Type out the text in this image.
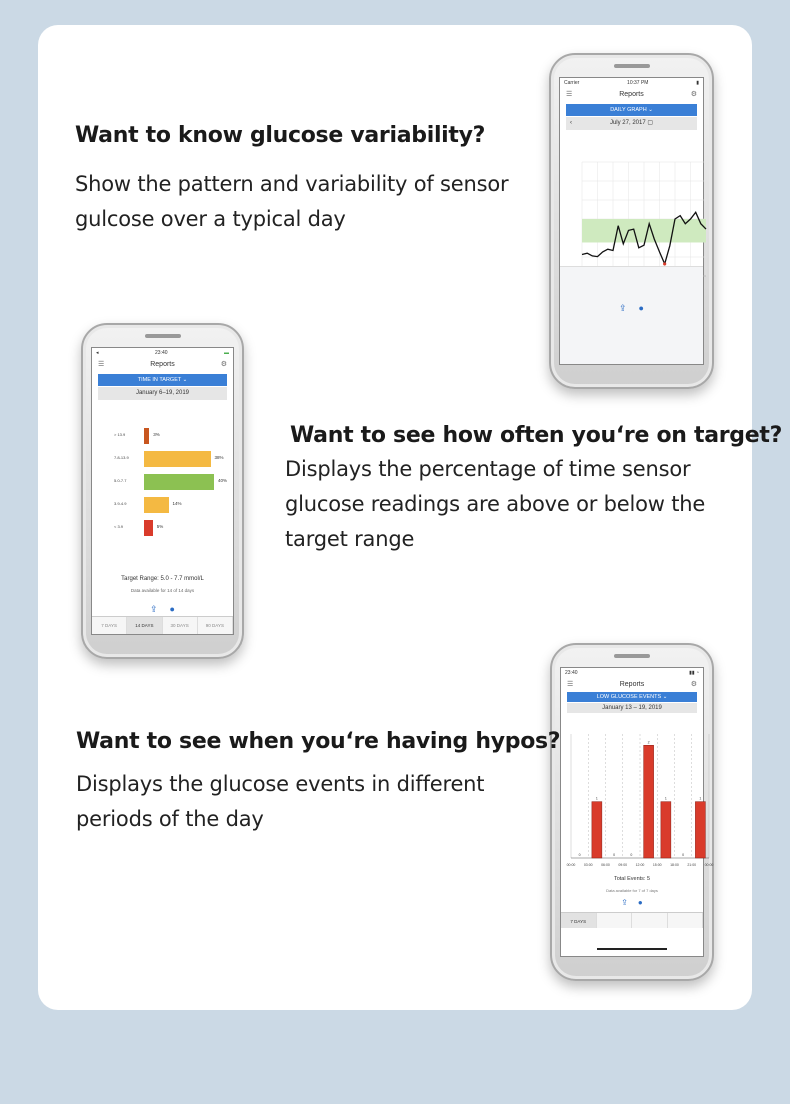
Want to know glucose variability?
Show the pattern and variability of sensor
gulcose over a typical day
Carrier	10:37 PM	▮
☰	Reports	⚙
DAILY GRAPH ⌄
‹	July 27, 2017 ▢
⇪ ●
◂	23:40	▬
☰	Reports	⚙
TIME IN TARGET ⌄
January 6–19, 2019
> 13.9	3%
7.8-13.9	38%
5.0-7.7	40%
3.9-4.9	14%
< 3.9	5%
Target Range: 5.0 - 7.7 mmol/L
Data available for 14 of 14 days
⇪ ●
7 DAYS	14 DAYS	30 DAYS	90 DAYS
Want to see how often you‘re on target?
Displays the percentage of time sensor
glucose readings are above or below the
target range
23:40	▮▮ ◔
☰	Reports	⚙
LOW GLUCOSE EVENTS ⌄
January 13 – 19, 2019
0
1
0	0
2
1
0
1
00:00 03:00 06:00 09:00 12:00 15:00 18:00 21:00 00:00
Total Events: 5
Data available for 7 of 7 days
⇪ ●
7 DAYS
Want to see when you‘re having hypos?
Displays the glucose events in different
periods of the day
